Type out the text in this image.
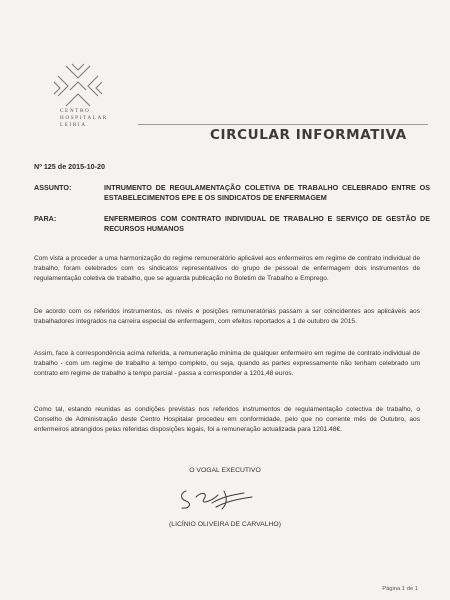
CENTRO
HOSPITALAR
LEIRIA
CIRCULAR INFORMATIVA
Nº 125 de 2015-10-20
ASSUNTO:	INTRUMENTO DE REGULAMENTAÇÃO COLETIVA DE TRABALHO CELEBRADO ENTRE OS ESTABELECIMENTOS EPE E OS SINDICATOS DE ENFERMAGEM
PARA:	ENFERMEIROS COM CONTRATO INDIVIDUAL DE TRABALHO E SERVIÇO DE GESTÃO DE RECURSOS HUMANOS
Com vista a proceder a uma harmonização do regime remuneratório aplicável aos enfermeiros em regime de contrato individual de trabalho, foram celebrados com os sindicatos representativos do grupo de pessoal de enfermagem dois instrumentos de regulamentação coletiva de trabalho, que se aguarda publicação no Boletim de Trabalho e Emprego.
De acordo com os referidos instrumentos, os níveis e posições remuneratórias passam a ser coincidentes aos aplicáveis aos trabalhadores integrados na carreira especial de enfermagem, com efeitos reportados a 1 de outubro de 2015.
Assim, face à correspondência acima referida, a remuneração mínima de qualquer enfermeiro em regime de contrato individual de trabalho - com um regime de trabalho a tempo completo, ou seja, quando as partes expressamente não tenham celebrado um contrato em regime de trabalho a tempo parcial - passa a corresponder a 1201,48 euros.
Como tal, estando reunidas as condições previstas nos referidos instrumentos de regulamentação colectiva de trabalho, o Conselho de Administração deste Centro Hospitalar procedeu em conformidade, pelo que no corrente mês de Outubro, aos enfermeiros abrangidos pelas referidas disposições legais, foi a remuneração actualizada para 1201.48€.
O VOGAL EXECUTIVO
(LICÍNIO OLIVEIRA DE CARVALHO)
Página 1 de 1
